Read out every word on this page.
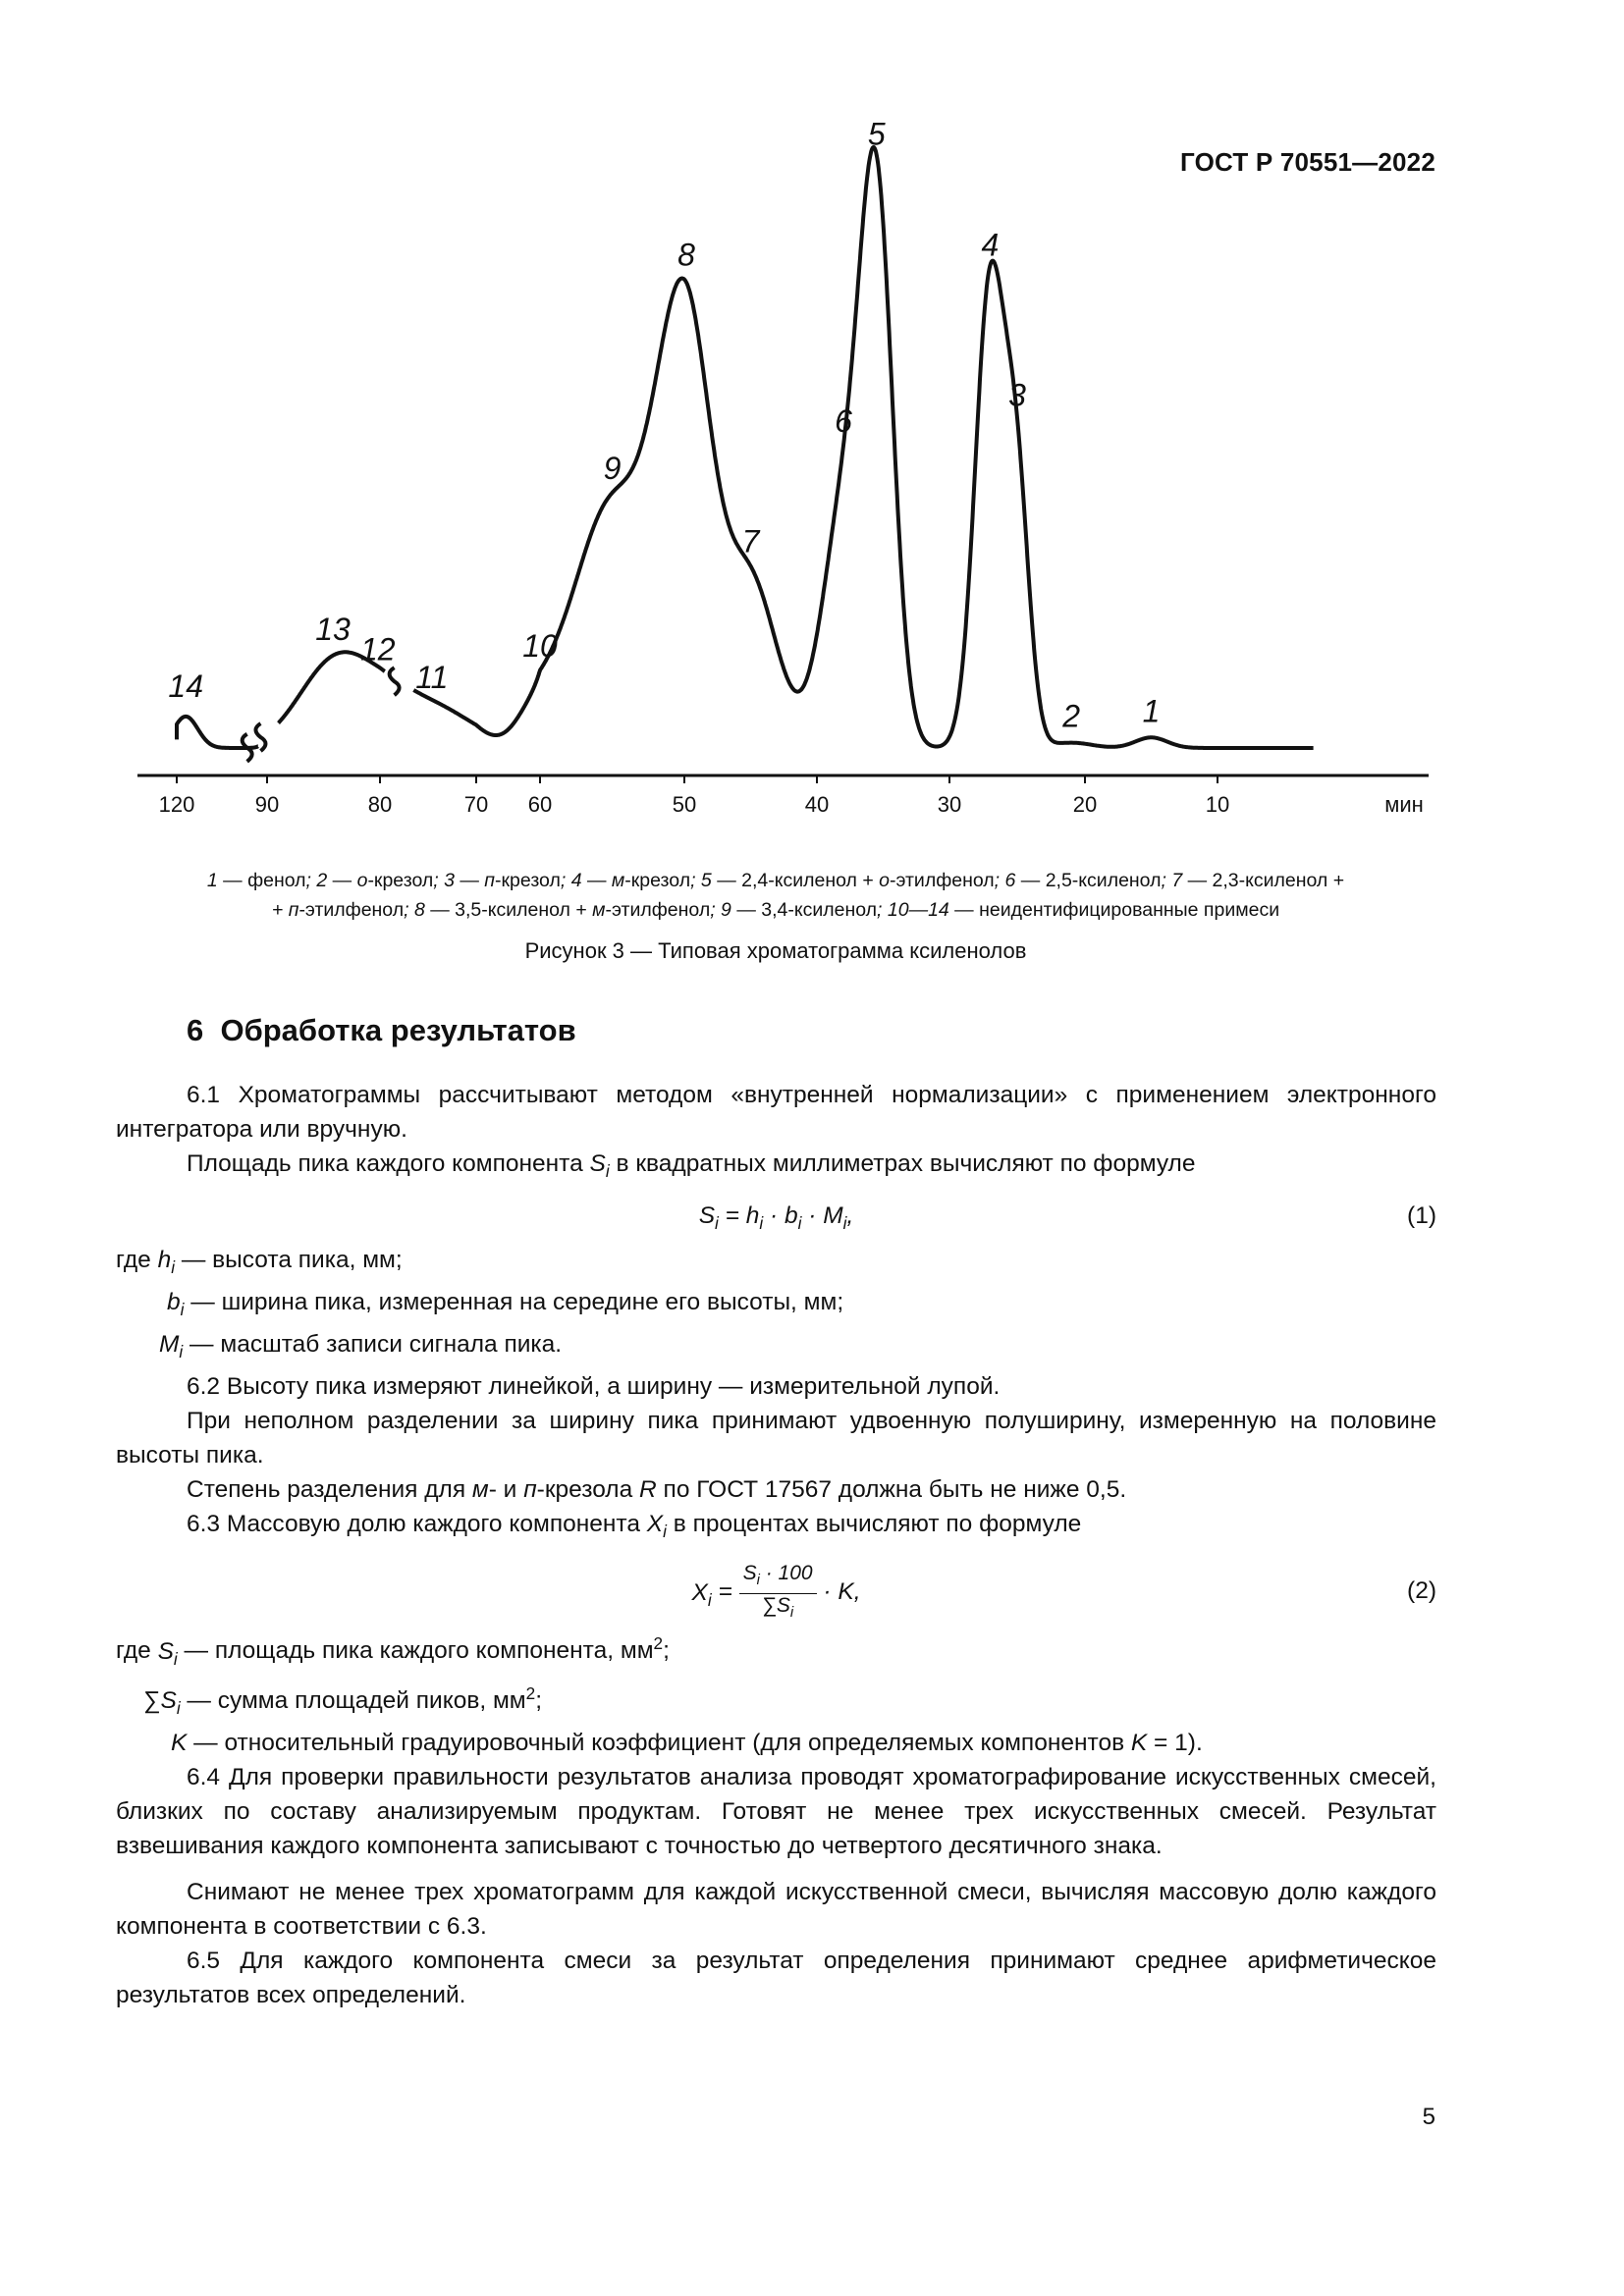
ГОСТ Р 70551—2022
120	90	80	70 60	50	40	30	20	10	мин
14
13
12
11
10
9
8
7
6
5
4
3
2 1
1 — фенол; 2 — о-крезол; 3 — п-крезол; 4 — м-крезол; 5 — 2,4-ксиленол + о-этилфенол; 6 — 2,5-ксиленол; 7 — 2,3-ксиленол +
+ п-этилфенол; 8 — 3,5-ксиленол + м-этилфенол; 9 — 3,4-ксиленол; 10—14 — неидентифицированные примеси
Рисунок 3 — Типовая хроматограмма ксиленолов
6 Обработка результатов

6.1 Хроматограммы рассчитывают методом «внутренней нормализации» с применением электронного интегратора или вручную.

Площадь пика каждого компонента $S_i$ в квадратных миллиметрах вычисляют по формуле

$S_i = h_i \cdot b_i \cdot M_i$,	(1)

где $h_i$ — высота пика, мм;

$b_i$ — ширина пика, измеренная на середине его высоты, мм;

$M_i$ — масштаб записи сигнала пика.

6.2 Высоту пика измеряют линейкой, а ширину — измерительной лупой.

При неполном разделении за ширину пика принимают удвоенную полуширину, измеренную на половине высоты пика.

Степень разделения для м- и п-крезола R по ГОСТ 17567 должна быть не ниже 0,5.

6.3 Массовую долю каждого компонента $X_i$ в процентах вычисляют по формуле

$X_i = \frac{S_i \cdot 100}{\sum S_i} \cdot K$,	(2)

где $S_i$ — площадь пика каждого компонента, $мм^2$;

$\sum S_i$ — сумма площадей пиков, $мм^2$;

K — относительный градуировочный коэффициент (для определяемых компонентов K = 1).

6.4 Для проверки правильности результатов анализа проводят хроматографирование искусственных смесей, близких по составу анализируемым продуктам. Готовят не менее трех искусственных смесей. Результат взвешивания каждого компонента записывают с точностью до четвертого десятичного знака.

Снимают не менее трех хроматограмм для каждой искусственной смеси, вычисляя массовую долю каждого компонента в соответствии с 6.3.

6.5 Для каждого компонента смеси за результат определения принимают среднее арифметическое результатов всех определений.

5
